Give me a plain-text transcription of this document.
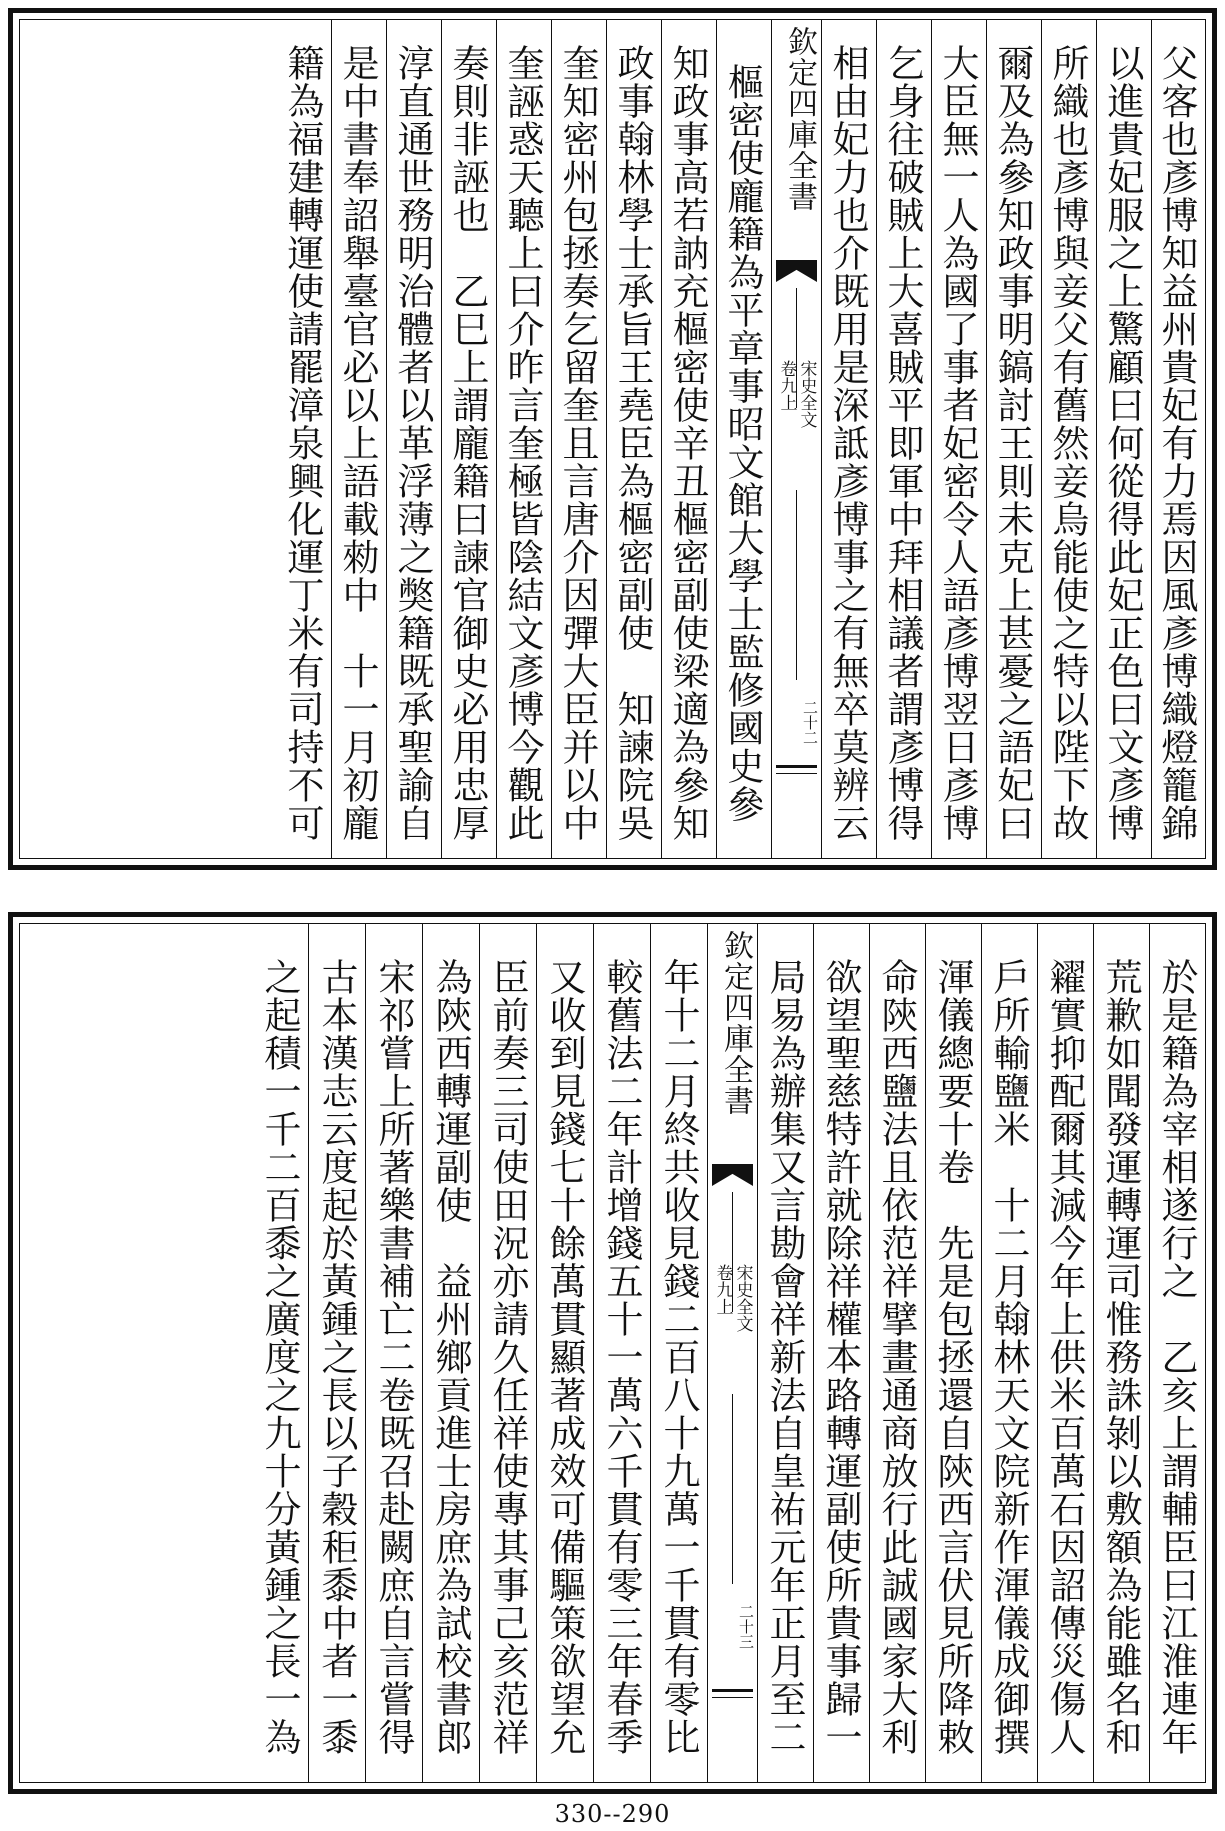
父客也彥博知益州貴妃有力焉因風彥博織燈籠錦
以進貴妃服之上驚顧曰何從得此妃正色曰文彥博
所織也彥博與妾父有舊然妾烏能使之特以陛下故
爾及為參知政事明鎬討王則未克上甚憂之語妃曰
大臣無一人為國了事者妃密令人語彥博翌日彥博
乞身往破賊上大喜賊平即軍中拜相議者謂彥博得
相由妃力也介既用是深詆彥博事之有無卒莫辨云
欽定四庫全書
宋史全文
卷九上
二十二
樞密使龐籍為平章事昭文館大學士監修國史參
知政事高若訥充樞密使辛丑樞密副使梁適為參知
政事翰林學士承旨王堯臣為樞密副使　知諫院吳
奎知密州包拯奏乞留奎且言唐介因彈大臣并以中
奎誣惑天聽上曰介昨言奎極皆陰結文彥博今觀此
奏則非誣也　乙巳上謂龐籍曰諫官御史必用忠厚
淳直通世務明治體者以革浮薄之獘籍既承聖諭自
是中書奉詔舉臺官必以上語載勑中　十一月初龐
籍為福建轉運使請罷漳泉興化運丁米有司持不可
於是籍為宰相遂行之　乙亥上謂輔臣曰江淮連年
荒歉如聞發運轉運司惟務誅剝以敷額為能雖名和
糴實抑配爾其減今年上供米百萬石因詔傳災傷人
戶所輸鹽米　十二月翰林天文院新作渾儀成御撰
渾儀總要十卷　先是包拯還自陝西言伏見所降敕
命陝西鹽法且依范祥擘畫通商放行此誠國家大利
欲望聖慈特許就除祥權本路轉運副使所貴事歸一
局易為辦集又言勘會祥新法自皇祐元年正月至二
欽定四庫全書
宋史全文
卷九上
二十三
年十二月終共收見錢二百八十九萬一千貫有零比
較舊法二年計增錢五十一萬六千貫有零三年春季
又收到見錢七十餘萬貫顯著成效可備驅策欲望允
臣前奏三司使田況亦請久任祥使專其事己亥范祥
為陝西轉運副使　益州鄉貢進士房庶為試校書郎
宋祁嘗上所著樂書補亡二卷既召赴闕庶自言嘗得
古本漢志云度起於黃鍾之長以子穀秬黍中者一黍
之起積一千二百黍之廣度之九十分黃鍾之長一為
330--290
